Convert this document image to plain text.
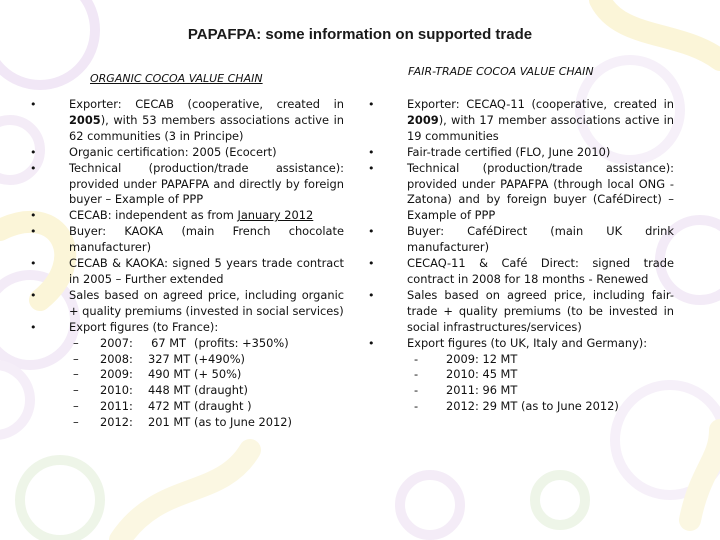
PAPAFPA: some information on supported trade
ORGANIC COCOA VALUE CHAIN
FAIR-TRADE COCOA VALUE CHAIN
•	Exporter: CECAB (cooperative, created in 2005), with 53 members associations active in 62 communities (3 in Principe)
•	Organic certification: 2005 (Ecocert)
•	Technical (production/trade assistance): provided under PAPAFPA and directly by foreign buyer – Example of PPP
•	CECAB: independent as from January 2012
•	Buyer: KAOKA (main French chocolate manufacturer)
•	CECAB & KAOKA: signed 5 years trade contract in 2005 – Further extended
•	Sales based on agreed price, including organic + quality premiums (invested in social services)
•	Export figures (to France):
–	2007:	67 MT (profits: +350%)
–	2008:	327 MT (+490%)
–	2009:	490 MT (+ 50%)
–	2010:	448 MT (draught)
–	2011:	472 MT (draught )
–	2012:	201 MT (as to June 2012)
•	Exporter: CECAQ-11 (cooperative, created in 2009), with 17 member associations active in 19 communities
•	Fair-trade certified (FLO, June 2010)
•	Technical (production/trade assistance): provided under PAPAFPA (through local ONG - Zatona) and by foreign buyer (CaféDirect) – Example of PPP
•	Buyer: CaféDirect (main UK drink manufacturer)
•	CECAQ-11 & Café Direct: signed trade contract in 2008 for 18 months - Renewed
•	Sales based on agreed price, including fair-trade + quality premiums (to be invested in social infrastructures/services)
•	Export figures (to UK, Italy and Germany):
-	2009: 12 MT
-	2010: 45 MT
-	2011: 96 MT
-	2012: 29 MT (as to June 2012)
